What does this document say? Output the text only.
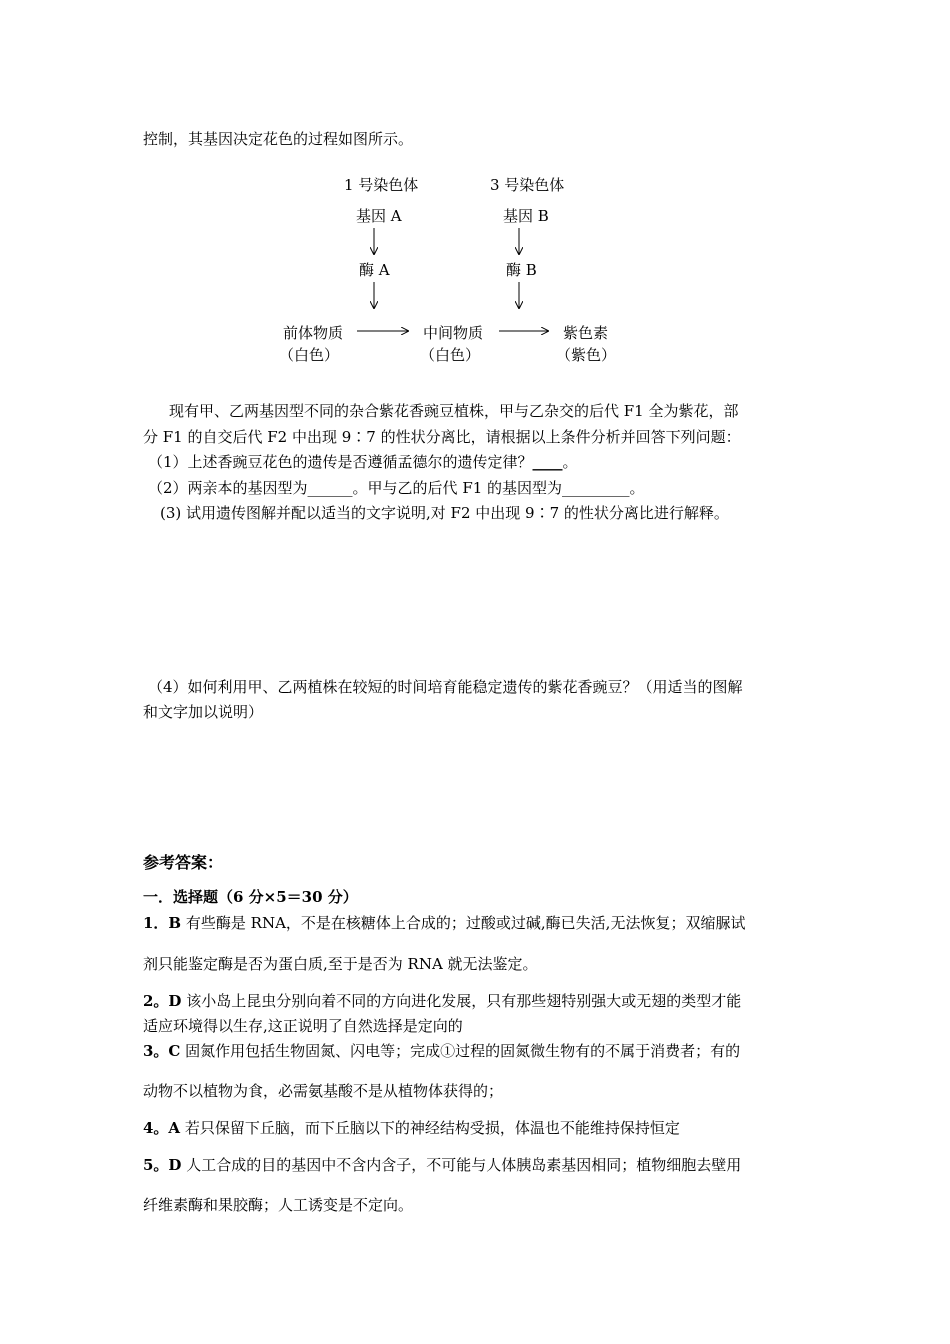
控制，其基因决定花色的过程如图所示。
1 号染色体	3 号染色体
基因 A	基因 B
酶 A	酶 B
前体物质
（白色）
中间物质
（白色）
紫色素
（紫色）
现有甲、乙两基因型不同的杂合紫花香豌豆植株，甲与乙杂交的后代 F1 全为紫花，部
分 F1 的自交后代 F2 中出现 9∶7 的性状分离比，请根据以上条件分析并回答下列问题：
（1）上述香豌豆花色的遗传是否遵循孟德尔的遗传定律？____。
（2）两亲本的基因型为______。甲与乙的后代 F1 的基因型为_________。
(3) 试用遗传图解并配以适当的文字说明,对 F2 中出现 9∶7 的性状分离比进行解释。
（4）如何利用甲、乙两植株在较短的时间培育能稳定遗传的紫花香豌豆？（用适当的图解
和文字加以说明）
参考答案：
一．选择题（6 分×5＝30 分）
1．B 有些酶是 RNA，不是在核糖体上合成的；过酸或过碱,酶已失活,无法恢复；双缩脲试
剂只能鉴定酶是否为蛋白质,至于是否为 RNA 就无法鉴定。
2。D 该小岛上昆虫分别向着不同的方向进化发展，只有那些翅特别强大或无翅的类型才能
适应环境得以生存,这正说明了自然选择是定向的
3。C 固氮作用包括生物固氮、闪电等；完成①过程的固氮微生物有的不属于消费者；有的
动物不以植物为食，必需氨基酸不是从植物体获得的；
4。A 若只保留下丘脑，而下丘脑以下的神经结构受损，体温也不能维持保持恒定
5。D 人工合成的目的基因中不含内含子，不可能与人体胰岛素基因相同；植物细胞去壁用
纤维素酶和果胶酶；人工诱变是不定向。
